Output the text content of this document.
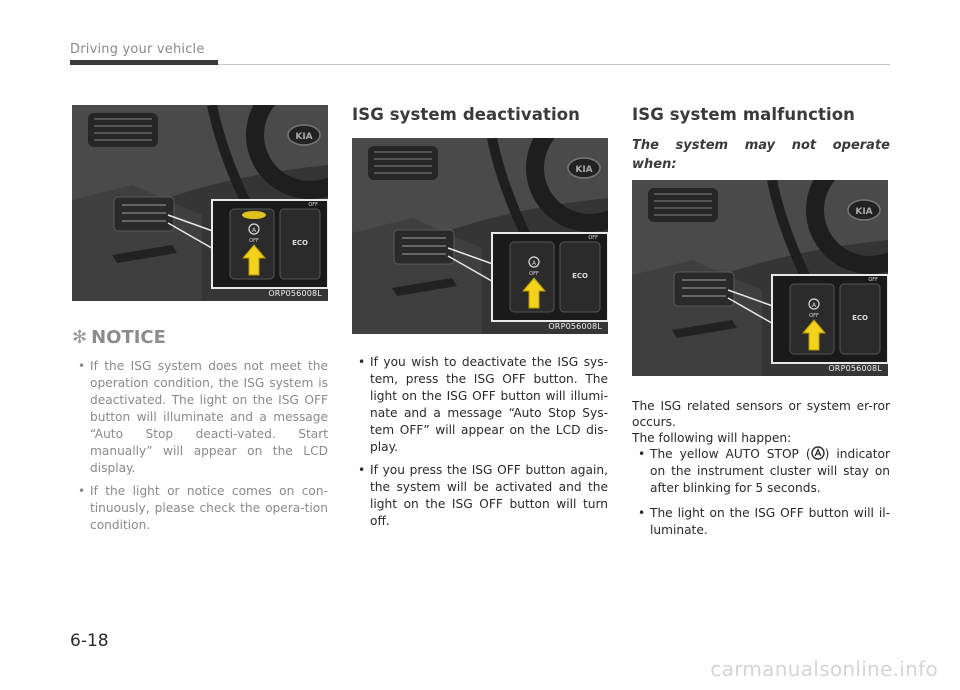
Driving your vehicle
KIA
A
OFF	ECO
OFF
ORP056008L
✻ NOTICE
• If the ISG system does not meet the operation condition, the ISG system is deactivated. The light on the ISG OFF button will illuminate and a message “Auto Stop deacti-vated. Start manually” will appear on the LCD display.
• If the light or notice comes on con-tinuously, please check the opera-tion condition.
ISG system deactivation
KIA
A
OFF	ECO
OFF
ORP056008L
• If you wish to deactivate the ISG sys-tem, press the ISG OFF button. The light on the ISG OFF button will illumi-nate and a message “Auto Stop Sys-tem OFF” will appear on the LCD dis-play.
• If you press the ISG OFF button again, the system will be activated and the light on the ISG OFF button will turn off.
ISG system malfunction
The system may not operate
when:
KIA
A
OFF	ECO
OFF
ORP056008L
The ISG related sensors or system er-ror occurs.
The following will happen:
• The yellow AUTO STOP ( ) indicator on the instrument cluster will stay on after blinking for 5 seconds.
• The light on the ISG OFF button will il-luminate.
6-18
carmanualsonline.info
